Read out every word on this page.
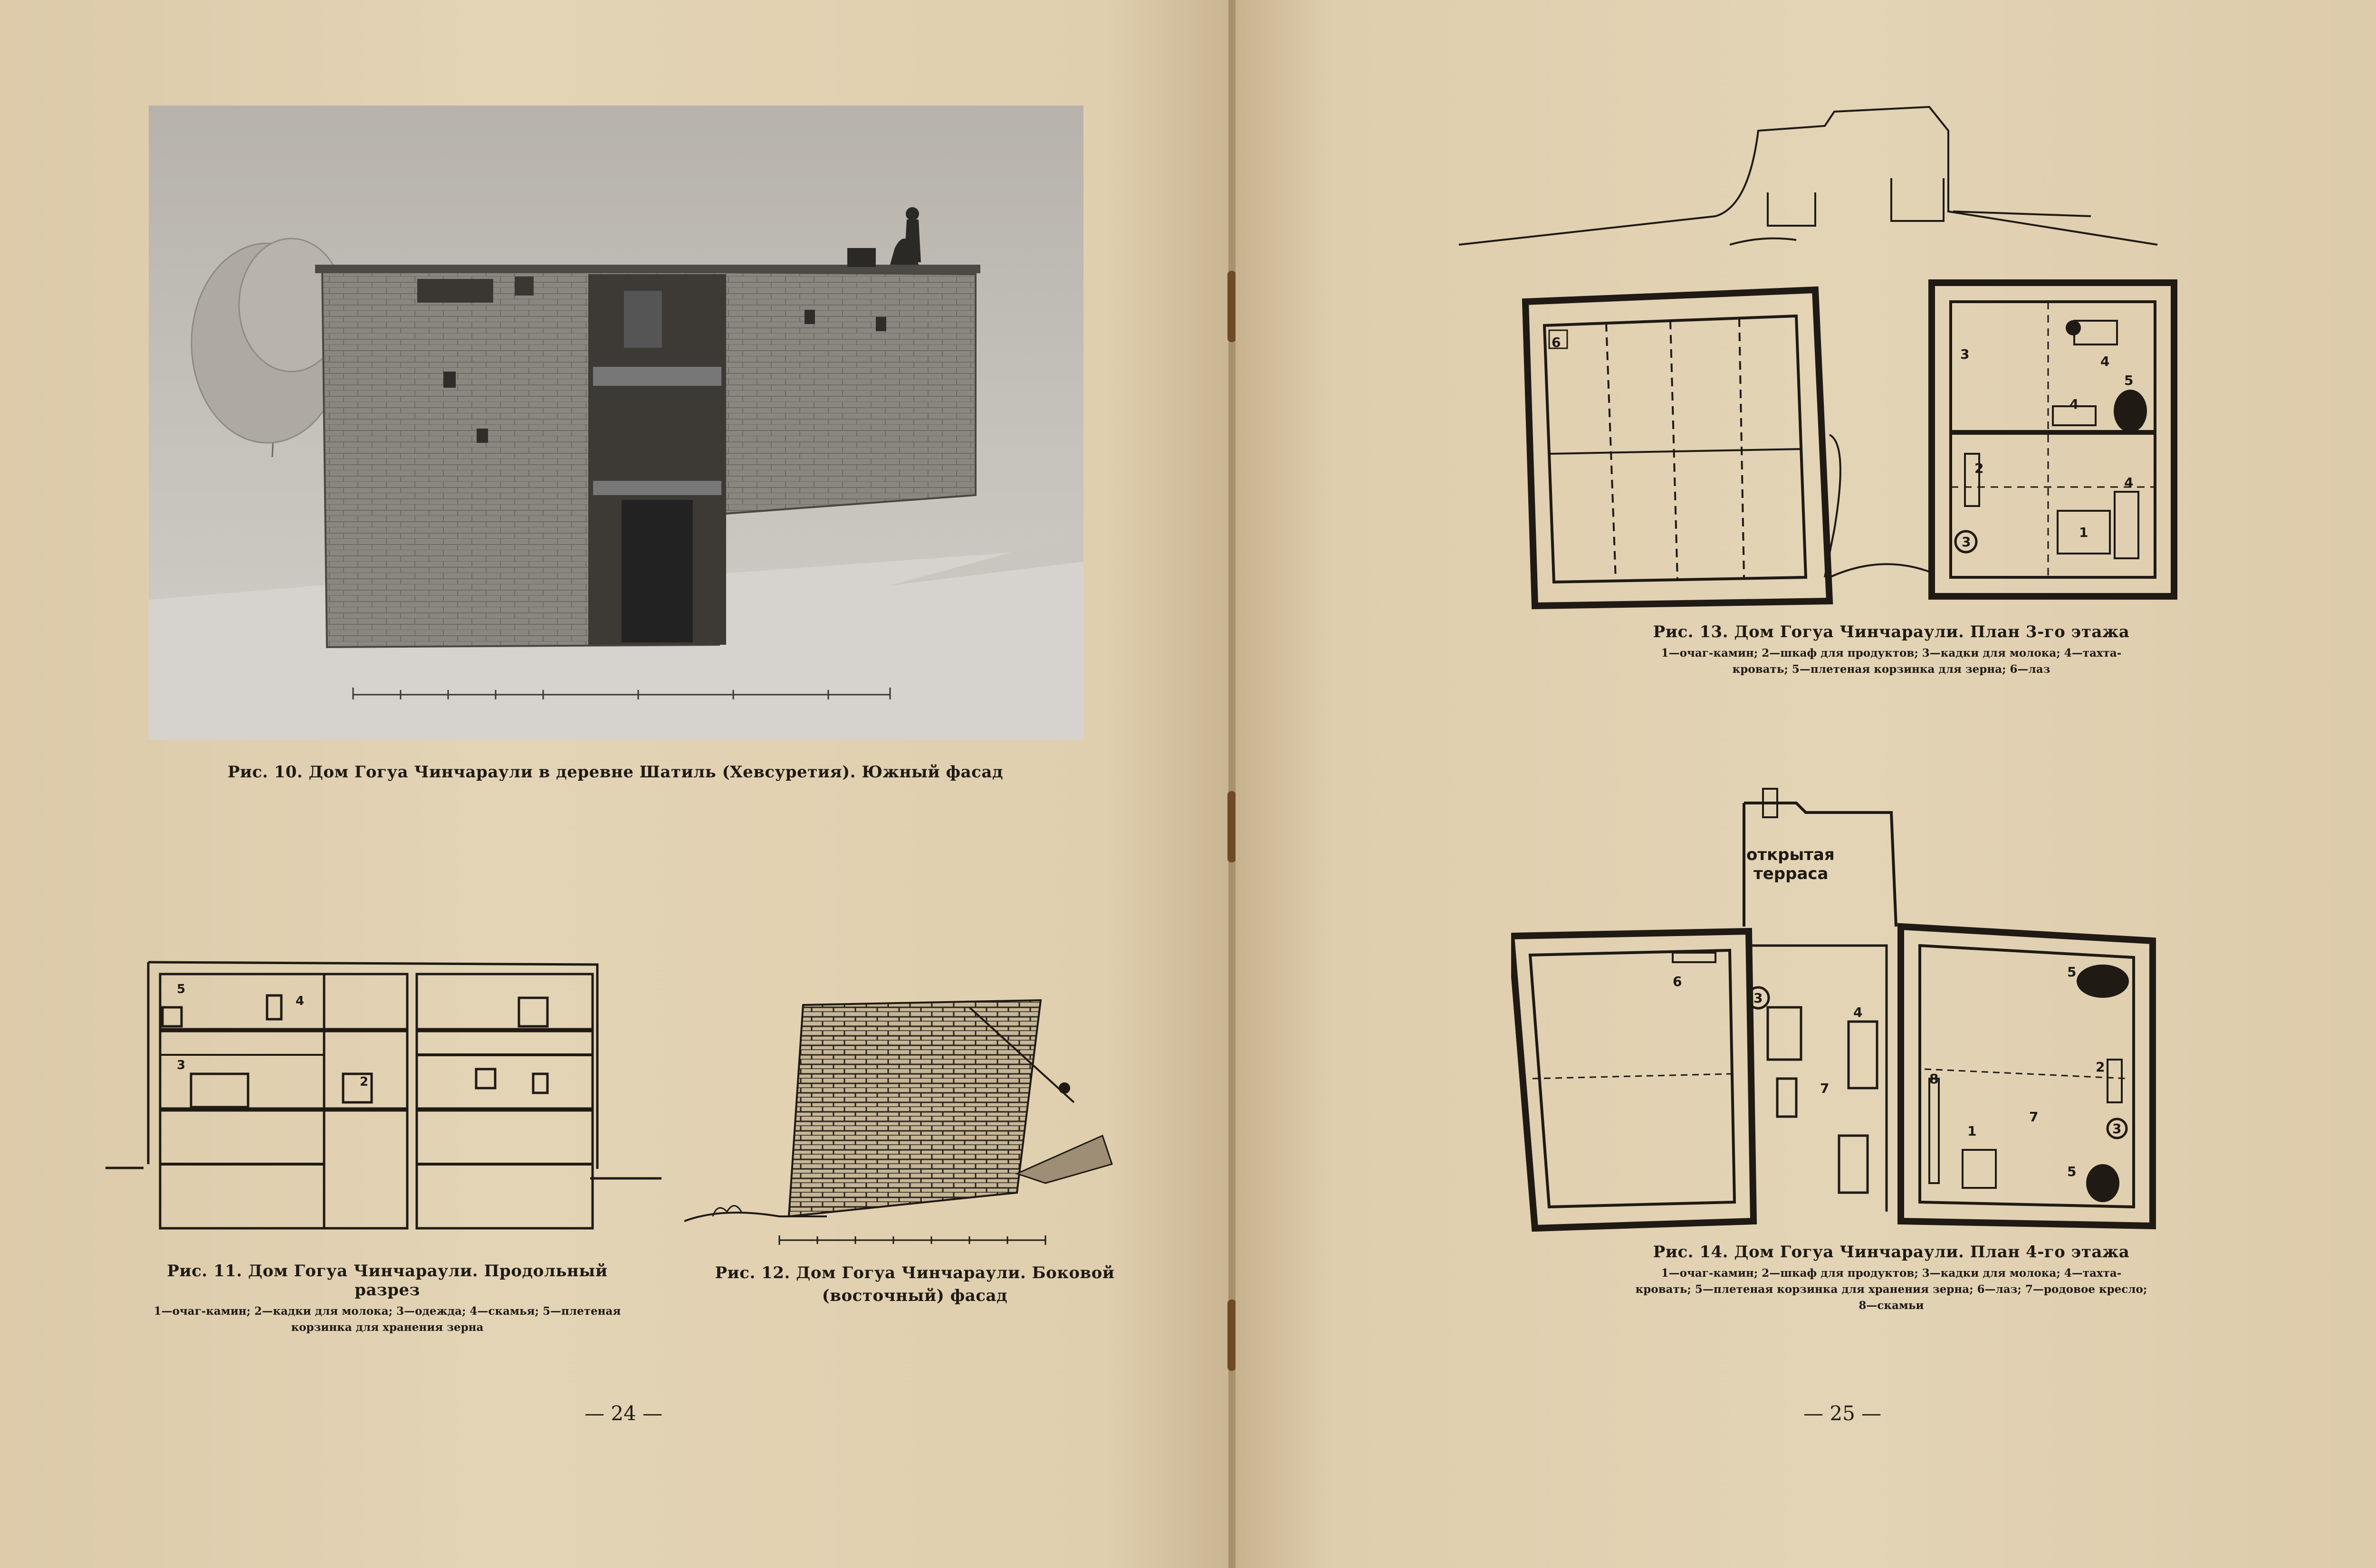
Рис. 10. Дом Гогуа Чинчараули в деревне Шатиль (Хевсуретия). Южный фасад
5
4
3
2
Рис. 11. Дом Гогуа Чинчараули. Продольный разрез
1—очаг-камин; 2—кадки для молока; 3—одежда; 4—скамья; 5—плетеная корзинка для хранения зерна
Рис. 12. Дом Гогуа Чинчараули. Боковой (восточный) фасад
— 24 —
6
3	4
5
4
2
4
3
1
Рис. 13. Дом Гогуа Чинчараули. План 3-го этажа
1—очаг-камин; 2—шкаф для продуктов; 3—кадки для молока; 4—тахта-кровать; 5—плетеная корзинка для зерна; 6—лаз
открытая
терраса
6
3
4
7
5
2
8
1
7
3
5
Рис. 14. Дом Гогуа Чинчараули. План 4-го этажа
1—очаг-камин; 2—шкаф для продуктов; 3—кадки для молока; 4—тахта-кровать; 5—плетеная корзинка для хранения зерна; 6—лаз; 7—родовое кресло; 8—скамьи
— 25 —
